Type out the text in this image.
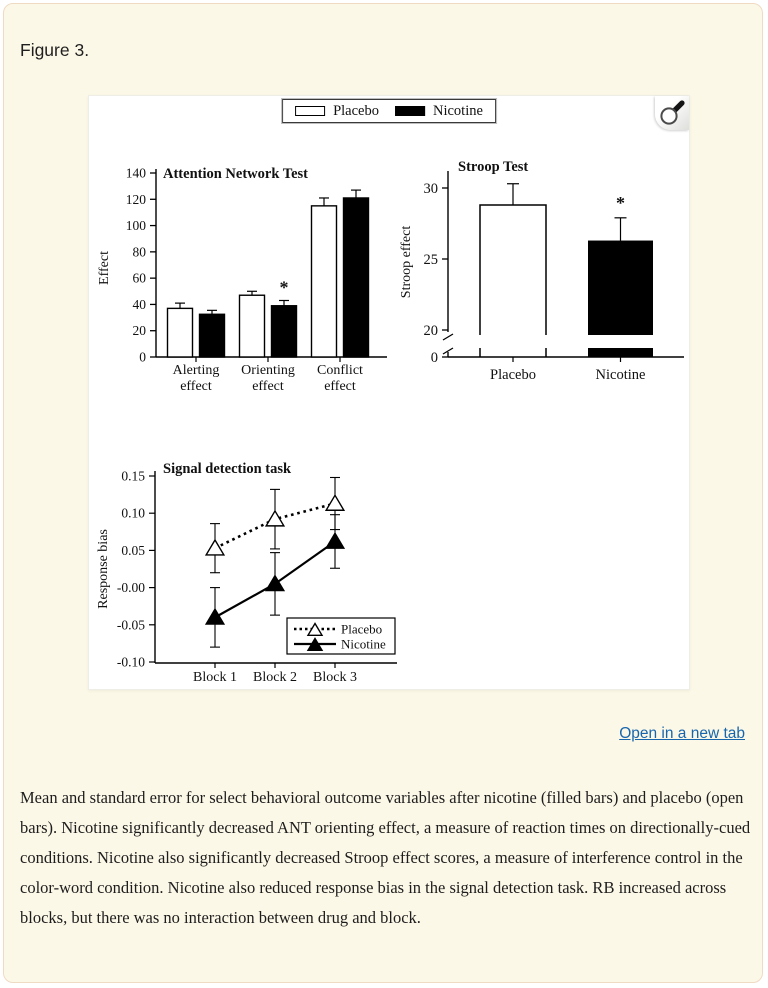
Figure 3.
Placebo	Nicotine
0
20
40
60
80
100
120
140 Attention Network Test
Effect
Alerting
effect
Orienting
effect
Conflict
effect
*
0
20
25
30
Stroop Test
Stroop effect
Placebo	Nicotine
*
0.15
0.10
0.05
-0.00
-0.05
-0.10
Block 1 Block 2 Block 3
Signal detection task
Response bias
Placebo
Nicotine
Open in a new tab

Mean and standard error for select behavioral outcome variables after nicotine (filled bars) and placebo (open bars). Nicotine significantly decreased ANT orienting effect, a measure of reaction times on directionally-cued conditions. Nicotine also significantly decreased Stroop effect scores, a measure of interference control in the color-word condition. Nicotine also reduced response bias in the signal detection task. RB increased across blocks, but there was no interaction between drug and block.
